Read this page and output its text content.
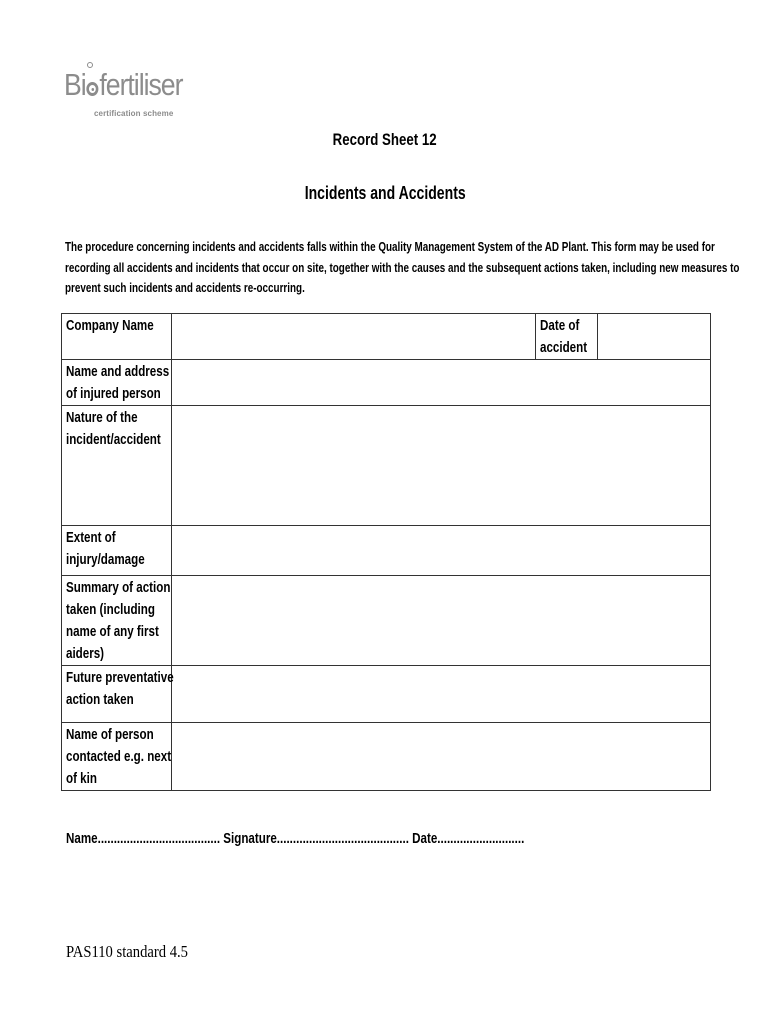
Bi fertiliser
certification scheme
Record Sheet 12
Incidents and Accidents
The procedure concerning incidents and accidents falls within the Quality Management System of the AD Plant. This form may be used for
recording all accidents and incidents that occur on site, together with the causes and the subsequent actions taken, including new measures to
prevent such incidents and accidents re-occurring.
Company Name		Date of
accident	

Name and address
of injured person			

Nature of the
incident/accident			

Extent of
injury/damage			

Summary of action
taken (including
name of any first
aiders)			

Future preventative
action taken			

Name of person
contacted e.g. next
of kin			

Name...................................... Signature......................................... Date...........................
PAS110 standard 4.5
